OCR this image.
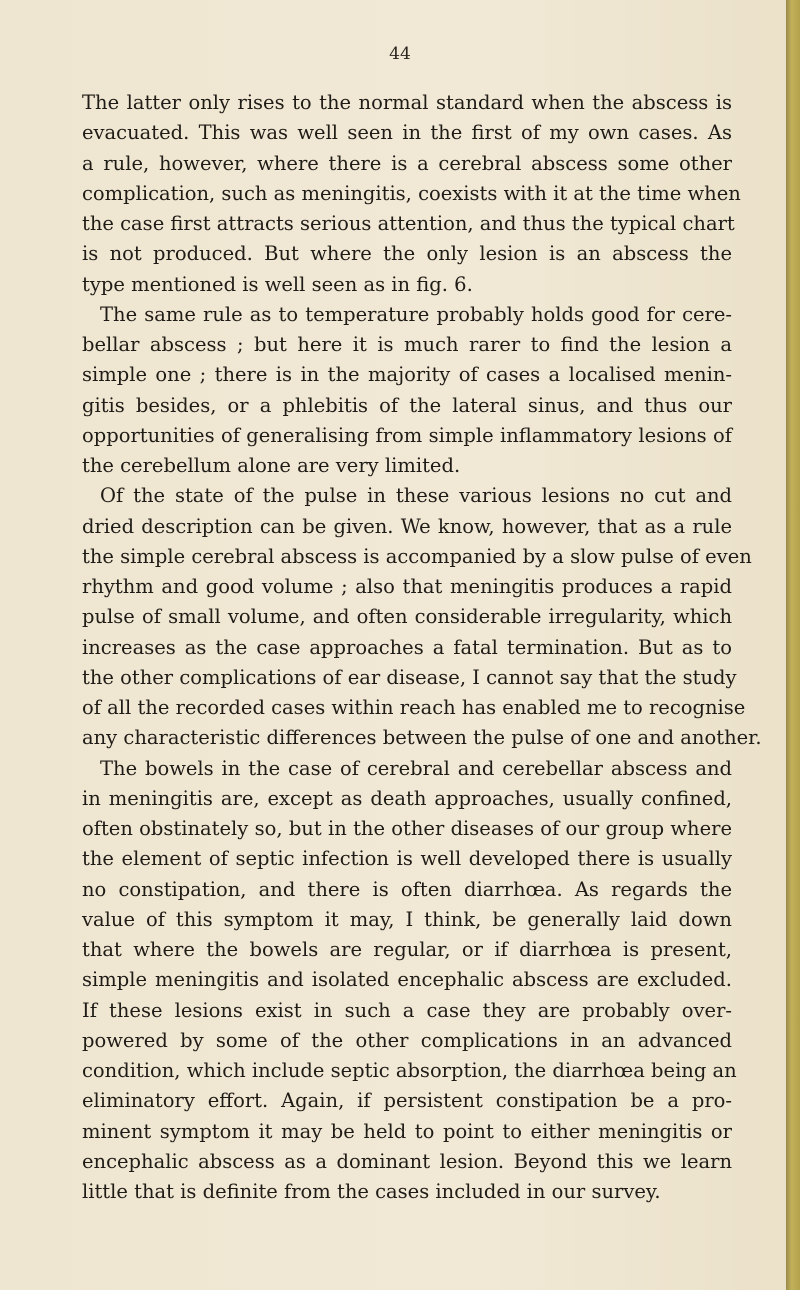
44
The latter only rises to the normal standard when the abscess is
evacuated. This was well seen in the first of my own cases. As
a rule, however, where there is a cerebral abscess some other
complication, such as meningitis, coexists with it at the time when
the case first attracts serious attention, and thus the typical chart
is not produced. But where the only lesion is an abscess the
type mentioned is well seen as in fig. 6.
The same rule as to temperature probably holds good for cere-
bellar abscess ; but here it is much rarer to find the lesion a
simple one ; there is in the majority of cases a localised menin-
gitis besides, or a phlebitis of the lateral sinus, and thus our
opportunities of generalising from simple inflammatory lesions of
the cerebellum alone are very limited.
Of the state of the pulse in these various lesions no cut and
dried description can be given. We know, however, that as a rule
the simple cerebral abscess is accompanied by a slow pulse of even
rhythm and good volume ; also that meningitis produces a rapid
pulse of small volume, and often considerable irregularity, which
increases as the case approaches a fatal termination. But as to
the other complications of ear disease, I cannot say that the study
of all the recorded cases within reach has enabled me to recognise
any characteristic differences between the pulse of one and another.
The bowels in the case of cerebral and cerebellar abscess and
in meningitis are, except as death approaches, usually confined,
often obstinately so, but in the other diseases of our group where
the element of septic infection is well developed there is usually
no constipation, and there is often diarrhœa. As regards the
value of this symptom it may, I think, be generally laid down
that where the bowels are regular, or if diarrhœa is present,
simple meningitis and isolated encephalic abscess are excluded.
If these lesions exist in such a case they are probably over-
powered by some of the other complications in an advanced
condition, which include septic absorption, the diarrhœa being an
eliminatory effort. Again, if persistent constipation be a pro-
minent symptom it may be held to point to either meningitis or
encephalic abscess as a dominant lesion. Beyond this we learn
little that is definite from the cases included in our survey.
